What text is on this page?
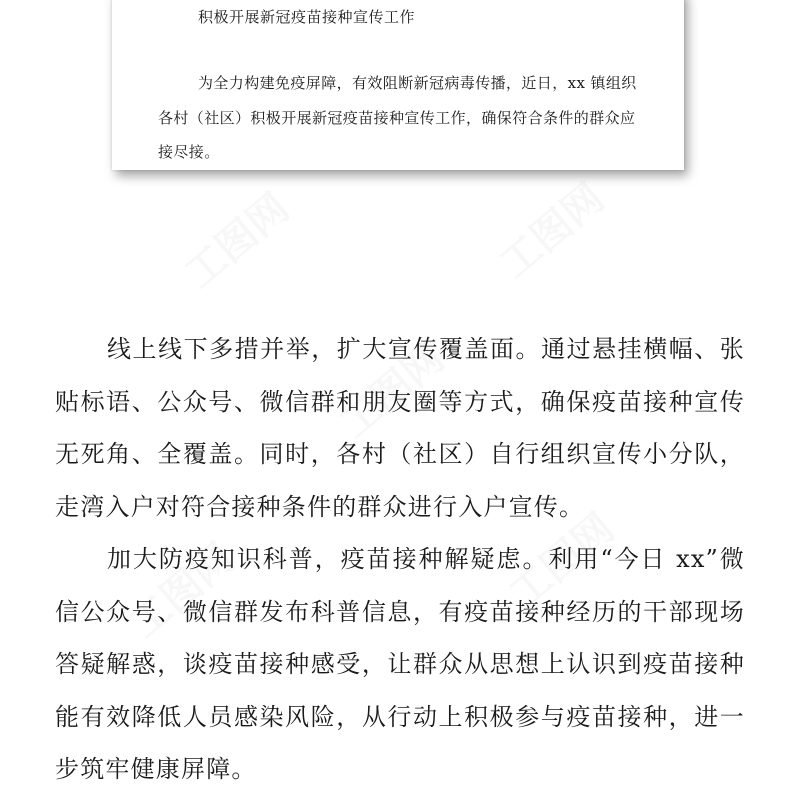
工图网	工图网
工图网
工图网
工图网
积极开展新冠疫苗接种宣传工作

为全力构建免疫屏障，有效阻断新冠病毒传播，近日，xx 镇组织各村（社区）积极开展新冠疫苗接种宣传工作，确保符合条件的群众应接尽接。

线上线下多措并举，扩大宣传覆盖面。通过悬挂横幅、张贴标语、公众号、微信群和朋友圈等方式，确保疫苗接种宣传无死角、全覆盖。同时，各村（社区）自行组织宣传小分队，走湾入户对符合接种条件的群众进行入户宣传。

加大防疫知识科普，疫苗接种解疑虑。利用“今日 xx”微信公众号、微信群发布科普信息，有疫苗接种经历的干部现场答疑解惑，谈疫苗接种感受，让群众从思想上认识到疫苗接种能有效降低人员感染风险，从行动上积极参与疫苗接种，进一步筑牢健康屏障。
